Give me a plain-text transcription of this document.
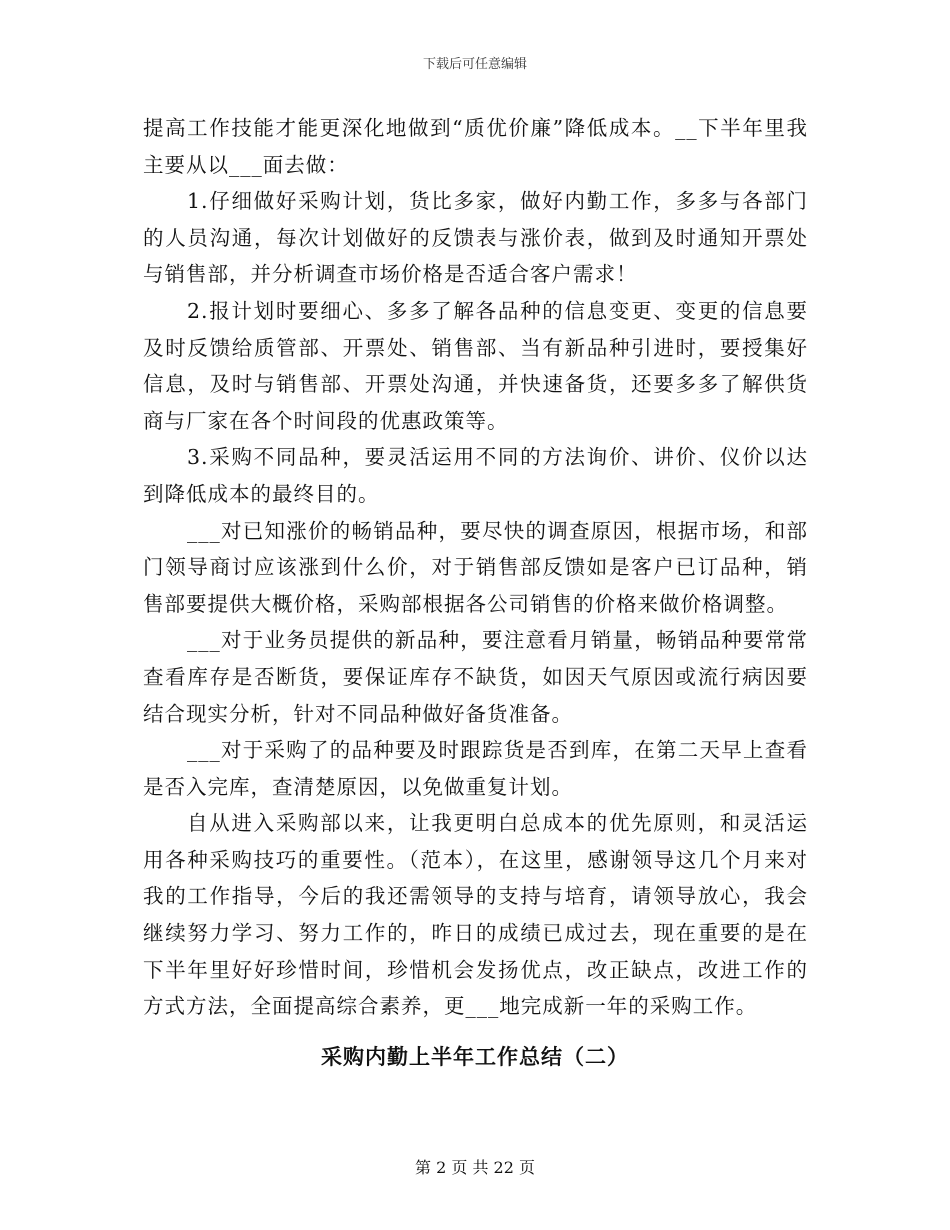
下载后可任意编辑

提高工作技能才能更深化地做到“质优价廉”降低成本。__下半年里我主要从以___面去做：

1.仔细做好采购计划，货比多家，做好内勤工作，多多与各部门的人员沟通，每次计划做好的反馈表与涨价表，做到及时通知开票处与销售部，并分析调查市场价格是否适合客户需求！

2.报计划时要细心、多多了解各品种的信息变更、变更的信息要及时反馈给质管部、开票处、销售部、当有新品种引进时，要授集好信息，及时与销售部、开票处沟通，并快速备货，还要多多了解供货商与厂家在各个时间段的优惠政策等。

3.采购不同品种，要灵活运用不同的方法询价、讲价、仪价以达到降低成本的最终目的。

___对已知涨价的畅销品种，要尽快的调查原因，根据市场，和部门领导商讨应该涨到什么价，对于销售部反馈如是客户已订品种，销售部要提供大概价格，采购部根据各公司销售的价格来做价格调整。

___对于业务员提供的新品种，要注意看月销量，畅销品种要常常查看库存是否断货，要保证库存不缺货，如因天气原因或流行病因要结合现实分析，针对不同品种做好备货准备。

___对于采购了的品种要及时跟踪货是否到库，在第二天早上查看是否入完库，查清楚原因，以免做重复计划。

自从进入采购部以来，让我更明白总成本的优先原则，和灵活运用各种采购技巧的重要性。（范本），在这里，感谢领导这几个月来对我的工作指导，今后的我还需领导的支持与培育，请领导放心，我会继续努力学习、努力工作的，昨日的成绩已成过去，现在重要的是在下半年里好好珍惜时间，珍惜机会发扬优点，改正缺点，改进工作的方式方法，全面提高综合素养，更___地完成新一年的采购工作。

采购内勤上半年工作总结（二）
第 2 页 共 22 页
